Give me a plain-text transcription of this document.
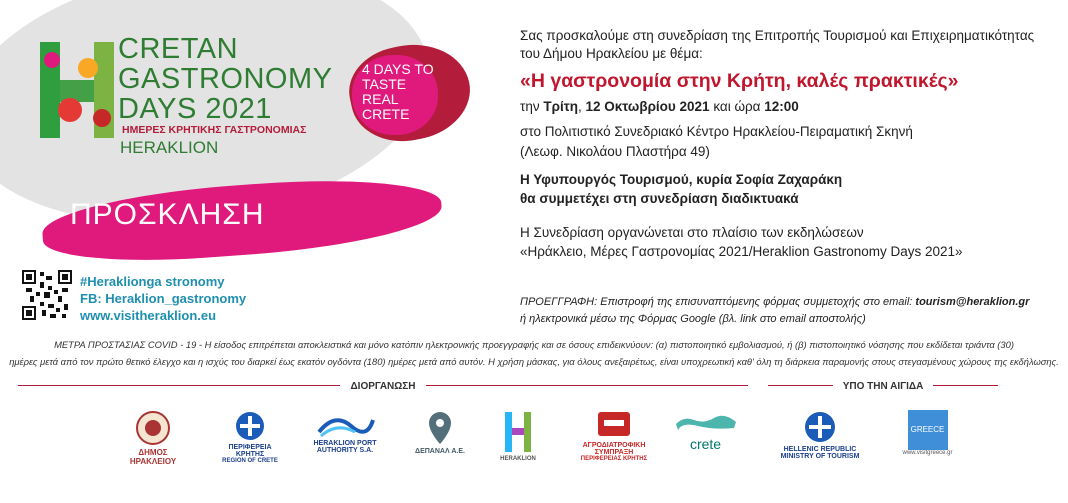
CRETAN
GASTRONOMY
DAYS 2021
ΗΜΕΡΕΣ ΚΡΗΤΙΚΗΣ ΓΑΣΤΡΟΝΟΜΙΑΣ
HERAKLION
4 DAYS TO TASTE REAL CRETE
ΠΡΟΣΚΛΗΣΗ
#Heraklionga stronomy
FB: Heraklion_gastronomy
www.visitheraklion.eu
Σας προσκαλούμε στη συνεδρίαση της Επιτροπής Τουρισμού και Επιχειρηματικότητας
του Δήμου Ηρακλείου με θέμα:
«Η γαστρονομία στην Κρήτη, καλές πρακτικές»
την Τρίτη, 12 Οκτωβρίου 2021 και ώρα 12:00
στο Πολιτιστικό Συνεδριακό Κέντρο Ηρακλείου-Πειραματική Σκηνή
(Λεωφ. Νικολάου Πλαστήρα 49)
Η Υφυπουργός Τουρισμού, κυρία Σοφία Ζαχαράκη
θα συμμετέχει στη συνεδρίαση διαδικτυακά
Η Συνεδρίαση οργανώνεται στο πλαίσιο των εκδηλώσεων
«Ηράκλειο, Μέρες Γαστρονομίας 2021/Heraklion Gastronomy Days 2021»
ΠΡΟΕΓΓΡΑΦΗ: Επιστροφή της επισυναπτόμενης φόρμας συμμετοχής στο email: tourism@heraklion.gr
ή ηλεκτρονικά μέσω της Φόρμας Google (βλ. link στο email αποστολής)
ΜΕΤΡΑ ΠΡΟΣΤΑΣΙΑΣ COVID - 19 - Η είσοδος επιτρέπεται αποκλειστικά και μόνο κατόπιν ηλεκτρονικής προεγγραφής και σε όσους επιδεικνύουν: (α) πιστοποιητικό εμβολιασμού, ή (β) πιστοποιητικό νόσησης που εκδίδεται τριάντα (30)
ημέρες μετά από τον πρώτο θετικό έλεγχο και η ισχύς του διαρκεί έως εκατόν ογδόντα (180) ημέρες μετά από αυτόν. Η χρήση μάσκας, για όλους ανεξαιρέτως, είναι υποχρεωτική καθ' όλη τη διάρκεια παραμονής στους στεγασμένους χώρους της εκδήλωσης.
ΔΙΟΡΓΑΝΩΣΗ	ΥΠΟ ΤΗΝ ΑΙΓΙΔΑ
ΔΗΜΟΣ ΗΡΑΚΛΕΙΟΥ
ΠΕΡΙΦΕΡΕΙΑ
ΚΡΗΤΗΣ
REGION OF CRETE
HERAKLION PORT
AUTHORITY S.A.	ΔΕΠΑΝΑΛ Α.Ε.
HERAKLION
ΑΓΡΟΔΙΑΤΡΟΦΙΚΗ
ΣΥΜΠΡΑΞΗ
ΠΕΡΙΦΕΡΕΙΑΣ ΚΡΗΤΗΣ
crete	HELLENIC REPUBLIC
MINISTRY OF TOURISM
GREECE
www.visitgreece.gr
